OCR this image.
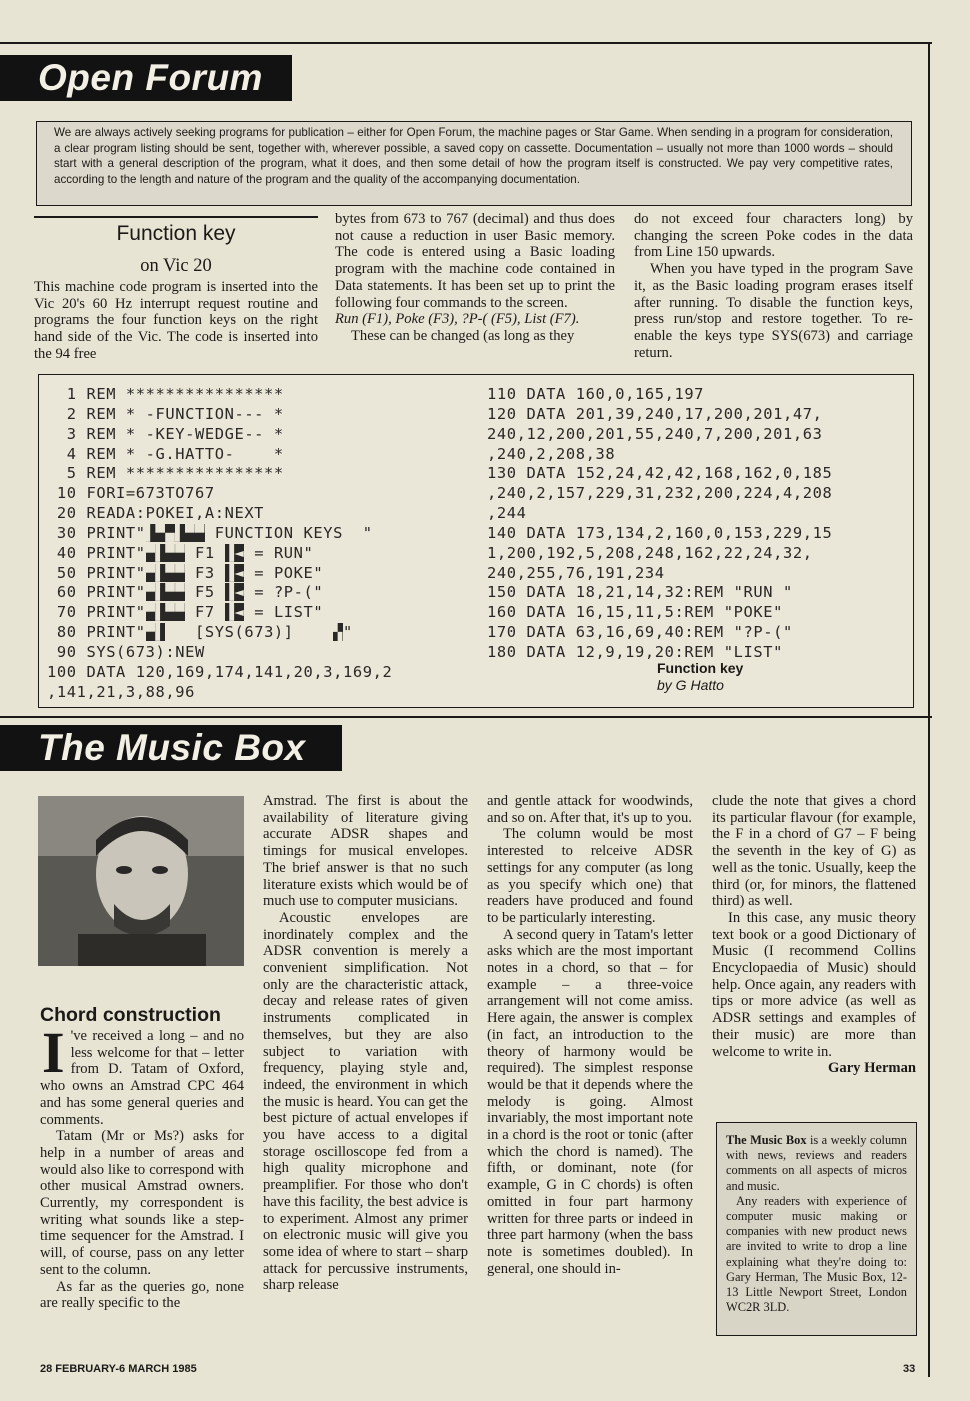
Open Forum
We are always actively seeking programs for publication – either for Open Forum, the machine pages or Star Game. When sending in a program for consideration, a clear program listing should be sent, together with, wherever possible, a saved copy on cassette. Documentation – usually not more than 1000 words – should start with a general description of the program, what it does, and then some detail of how the program itself is constructed. We pay very competitive rates, according to the length and nature of the program and the quality of the accompanying documentation.
Function key
on Vic 20

This machine code program is inserted into the Vic 20's 60 Hz interrupt request routine and programs the four function keys on the right hand side of the Vic. The code is inserted into the 94 free

bytes from 673 to 767 (decimal) and thus does not cause a reduction in user Basic memory. The code is entered using a Basic loading program with the machine code contained in Data statements. It has been set up to print the following four commands to the screen.

Run (F1), Poke (F3), ?P-( (F5), List (F7).

These can be changed (as long as they

do not exceed four characters long) by changing the screen Poke codes in the data from Line 150 upwards.

When you have typed in the program Save it, as the Basic loading program erases itself after running. To disable the function keys, press run/stop and restore together. To re-enable the keys type SYS(673) and carriage return.

1 REM ****************
2 REM * -FUNCTION--- *
3 REM * -KEY-WEDGE-- *
4 REM * -G.HATTO-    *
5 REM ****************
10 FORI=673TO767
20 READA:POKEI,A:NEXT
30 PRINT"▌▀▄▌▀▀ FUNCTION KEYS  "
40 PRINT"▀▌▀▀ F1 ▐◄ = RUN"
50 PRINT"▀▌▀▀ F3 ▐◄ = POKE"
60 PRINT"▀▌▀▀ F5 ▐◄ = ?P-("
70 PRINT"▀▌▀▀ F7 ▐◄ = LIST"
80 PRINT"▀▌   [SYS(673)]    ▚"
90 SYS(673):NEW
100 DATA 120,169,174,141,20,3,169,2
,141,21,3,88,96
110 DATA 160,0,165,197
120 DATA 201,39,240,17,200,201,47,
240,12,200,201,55,240,7,200,201,63
,240,2,208,38
130 DATA 152,24,42,42,168,162,0,185
,240,2,157,229,31,232,200,224,4,208
,244
140 DATA 173,134,2,160,0,153,229,15
1,200,192,5,208,248,162,22,24,32,
240,255,76,191,234
150 DATA 18,21,14,32:REM "RUN "
160 DATA 16,15,11,5:REM "POKE"
170 DATA 63,16,69,40:REM "?P-("
180 DATA 12,9,19,20:REM "LIST"
Function key
by G Hatto
The Music Box
Chord construction

I 've received a long – and no less welcome for that – letter from D. Tatam of Oxford, who owns an Amstrad CPC 464 and has some general queries and comments.

Tatam (Mr or Ms?) asks for help in a number of areas and would also like to correspond with other musical Amstrad owners. Currently, my correspondent is writing what sounds like a step-time sequencer for the Amstrad. I will, of course, pass on any letter sent to the column.

As far as the queries go, none are really specific to the

Amstrad. The first is about the availability of literature giving accurate ADSR shapes and timings for musical envelopes. The brief answer is that no such literature exists which would be of much use to computer musicians.

Acoustic envelopes are inordinately complex and the ADSR convention is merely a convenient simplification. Not only are the characteristic attack, decay and release rates of given instruments complicated in themselves, but they are also subject to variation with frequency, playing style and, indeed, the environment in which the music is heard. You can get the best picture of actual envelopes if you have access to a digital storage oscilloscope fed from a high quality microphone and preamplifier. For those who don't have this facility, the best advice is to experiment. Almost any primer on electronic music will give you some idea of where to start – sharp attack for percussive instruments, sharp release

and gentle attack for woodwinds, and so on. After that, it's up to you.

The column would be most interested to relceive ADSR settings for any computer (as long as you specify which one) that readers have produced and found to be particularly interesting.

A second query in Tatam's letter asks which are the most important notes in a chord, so that – for example – a three-voice arrangement will not come amiss. Here again, the answer is complex (in fact, an introduction to the theory of harmony would be required). The simplest response would be that it depends where the melody is going. Almost invariably, the most important note in a chord is the root or tonic (after which the chord is named). The fifth, or dominant, note (for example, G in C chords) is often omitted in four part harmony written for three parts or indeed in three part harmony (when the bass note is sometimes doubled). In general, one should in-

clude the note that gives a chord its particular flavour (for example, the F in a chord of G7 – F being the seventh in the key of G) as well as the tonic. Usually, keep the third (or, for minors, the flattened third) as well.

In this case, any music theory text book or a good Dictionary of Music (I recommend Collins Encyclopaedia of Music) should help. Once again, any readers with tips or more advice (as well as ADSR settings and examples of their music) are more than welcome to write in.

Gary Herman

The Music Box is a weekly column with news, reviews and readers comments on all aspects of micros and music.

Any readers with experience of computer music making or companies with new product news are invited to write to drop a line explaining what they're doing to: Gary Herman, The Music Box, 12-13 Little Newport Street, London WC2R 3LD.

28 FEBRUARY-6 MARCH 1985	33
